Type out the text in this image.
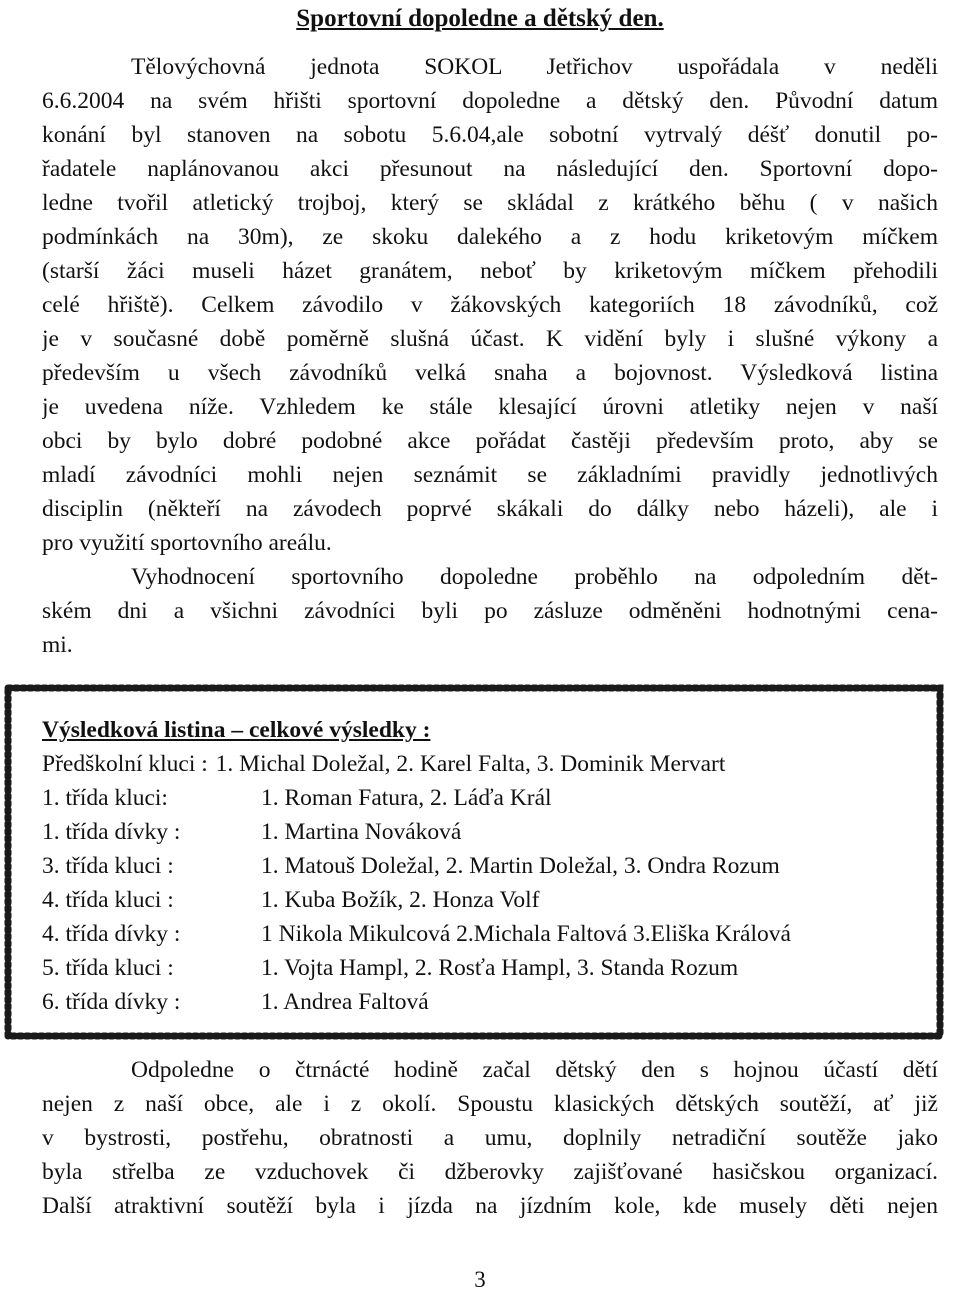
Sportovní dopoledne a dětský den.
Tělovýchovná jednota SOKOL Jetřichov uspořádala v neděli
6.6.2004 na svém hřišti sportovní dopoledne a dětský den. Původní datum
konání byl stanoven na sobotu 5.6.04,ale sobotní vytrvalý déšť donutil po-
řadatele naplánovanou akci přesunout na následující den. Sportovní dopo-
ledne tvořil atletický trojboj, který se skládal z krátkého běhu ( v našich
podmínkách na 30m), ze skoku dalekého a z hodu kriketovým míčkem
(starší žáci museli házet granátem, neboť by kriketovým míčkem přehodili
celé hřiště). Celkem závodilo v žákovských kategoriích 18 závodníků, což
je v současné době poměrně slušná účast. K vidění byly i slušné výkony a
především u všech závodníků velká snaha a bojovnost. Výsledková listina
je uvedena níže. Vzhledem ke stále klesající úrovni atletiky nejen v naší
obci by bylo dobré podobné akce pořádat častěji především proto, aby se
mladí závodníci mohli nejen seznámit se základními pravidly jednotlivých
disciplin (někteří na závodech poprvé skákali do dálky nebo házeli), ale i
pro využití sportovního areálu.
Vyhodnocení sportovního dopoledne proběhlo na odpoledním dět-
ském dni a všichni závodníci byli po zásluze odměněni hodnotnými cena-
mi.
Výsledková listina – celkové výsledky :
Předškolní kluci : 1. Michal Doležal, 2. Karel Falta, 3. Dominik Mervart
1. třída kluci:	1. Roman Fatura, 2. Láďa Král
1. třída dívky :	1. Martina Nováková
3. třída kluci :	1. Matouš Doležal, 2. Martin Doležal, 3. Ondra Rozum
4. třída kluci :	1. Kuba Božík, 2. Honza Volf
4. třída dívky :	1 Nikola Mikulcová 2.Michala Faltová 3.Eliška Králová
5. třída kluci :	1. Vojta Hampl, 2. Rosťa Hampl, 3. Standa Rozum
6. třída dívky :	1. Andrea Faltová
Odpoledne o čtrnácté hodině začal dětský den s hojnou účastí dětí
nejen z naší obce, ale i z okolí. Spoustu klasických dětských soutěží, ať již
v bystrosti, postřehu, obratnosti a umu, doplnily netradiční soutěže jako
byla střelba ze vzduchovek či džberovky zajišťované hasičskou organizací.
Další atraktivní soutěží byla i jízda na jízdním kole, kde musely děti nejen
3
